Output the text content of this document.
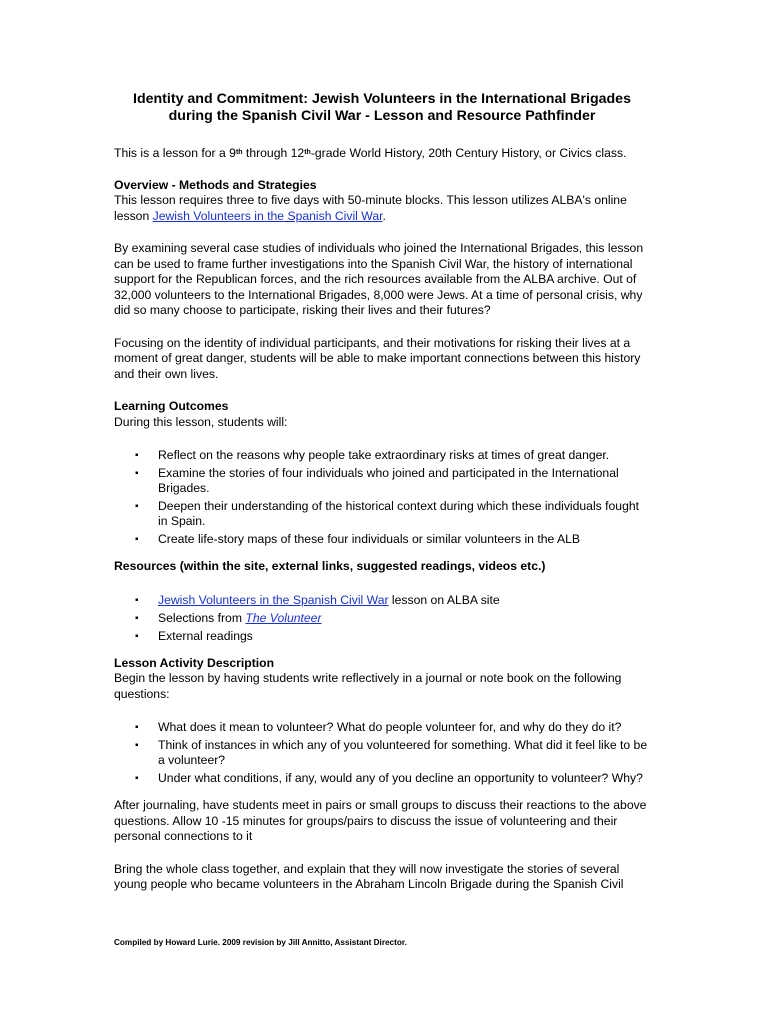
Identity and Commitment: Jewish Volunteers in the International Brigades
during the Spanish Civil War - Lesson and Resource Pathfinder

This is a lesson for a 9th through 12th-grade World History, 20th Century History, or Civics class.

Overview - Methods and Strategies

This lesson requires three to five days with 50-minute blocks. This lesson utilizes ALBA's online lesson Jewish Volunteers in the Spanish Civil War.

By examining several case studies of individuals who joined the International Brigades, this lesson can be used to frame further investigations into the Spanish Civil War, the history of international support for the Republican forces, and the rich resources available from the ALBA archive. Out of 32,000 volunteers to the International Brigades, 8,000 were Jews. At a time of personal crisis, why did so many choose to participate, risking their lives and their futures?

Focusing on the identity of individual participants, and their motivations for risking their lives at a moment of great danger, students will be able to make important connections between this history and their own lives.

Learning Outcomes

During this lesson, students will:

▪ Reflect on the reasons why people take extraordinary risks at times of great danger.
▪ Examine the stories of four individuals who joined and participated in the International Brigades.
▪ Deepen their understanding of the historical context during which these individuals fought in Spain.
▪ Create life-story maps of these four individuals or similar volunteers in the ALB
Resources (within the site, external links, suggested readings, videos etc.)
▪ Jewish Volunteers in the Spanish Civil War lesson on ALBA site
▪ Selections from The Volunteer
▪ External readings
Lesson Activity Description

Begin the lesson by having students write reflectively in a journal or note book on the following questions:

▪ What does it mean to volunteer? What do people volunteer for, and why do they do it?
▪ Think of instances in which any of you volunteered for something. What did it feel like to be a volunteer?
▪ Under what conditions, if any, would any of you decline an opportunity to volunteer? Why?

After journaling, have students meet in pairs or small groups to discuss their reactions to the above questions. Allow 10 -15 minutes for groups/pairs to discuss the issue of volunteering and their personal connections to it

Bring the whole class together, and explain that they will now investigate the stories of several young people who became volunteers in the Abraham Lincoln Brigade during the Spanish Civil

Compiled by Howard Lurie. 2009 revision by Jill Annitto, Assistant Director.
